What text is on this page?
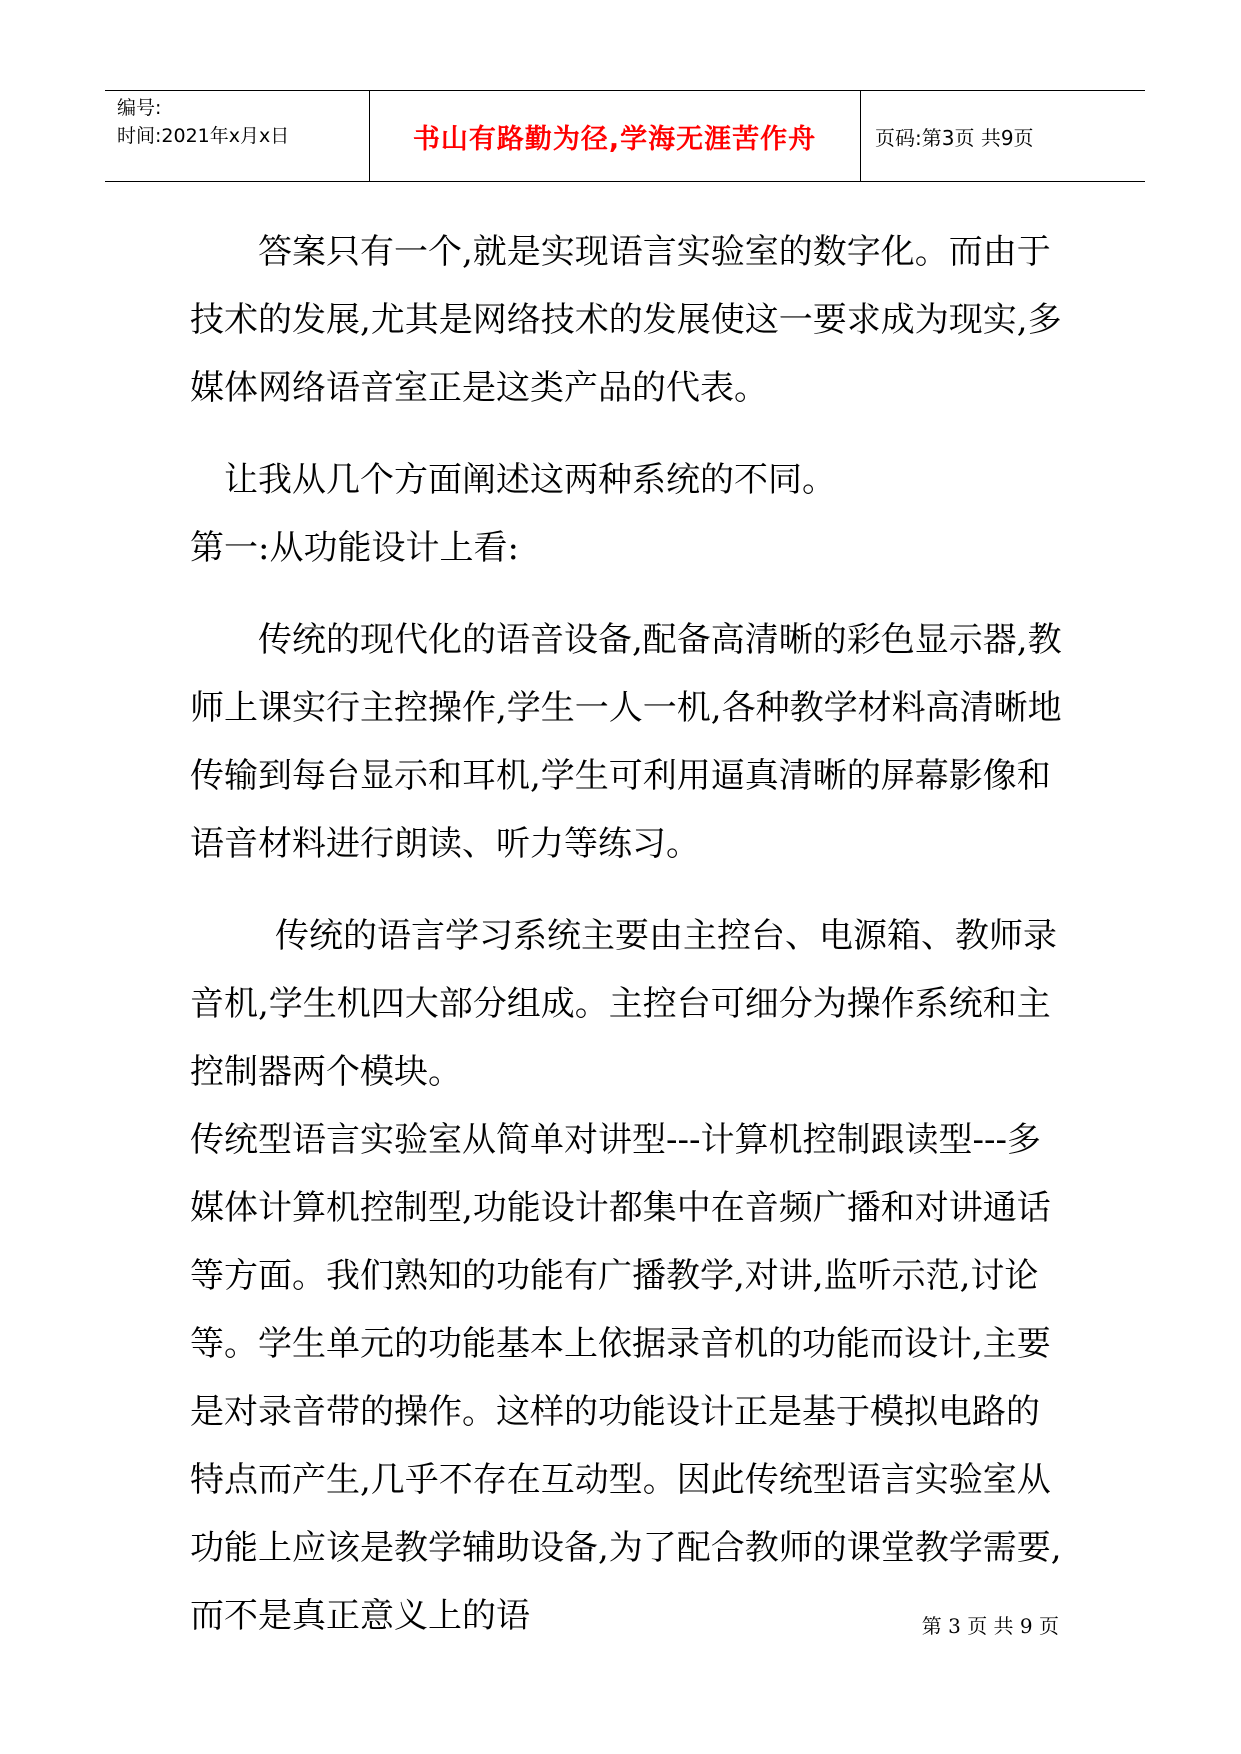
编号:
时间:2021年x月x日	书山有路勤为径,学海无涯苦作舟	页码:第3页 共9页

答案只有一个,就是实现语言实验室的数字化。而由于技术的发展,尤其是网络技术的发展使这一要求成为现实,多媒体网络语音室正是这类产品的代表。

让我从几个方面阐述这两种系统的不同。

第一:从功能设计上看:

传统的现代化的语音设备,配备高清晰的彩色显示器,教师上课实行主控操作,学生一人一机,各种教学材料高清晰地传输到每台显示和耳机,学生可利用逼真清晰的屏幕影像和语音材料进行朗读、听力等练习。

传统的语言学习系统主要由主控台、电源箱、教师录音机,学生机四大部分组成。主控台可细分为操作系统和主控制器两个模块。

传统型语言实验室从简单对讲型---计算机控制跟读型---多媒体计算机控制型,功能设计都集中在音频广播和对讲通话等方面。我们熟知的功能有广播教学,对讲,监听示范,讨论等。学生单元的功能基本上依据录音机的功能而设计,主要是对录音带的操作。这样的功能设计正是基于模拟电路的特点而产生,几乎不存在互动型。因此传统型语言实验室从功能上应该是教学辅助设备,为了配合教师的课堂教学需要,而不是真正意义上的语	第 3 页 共 9 页
